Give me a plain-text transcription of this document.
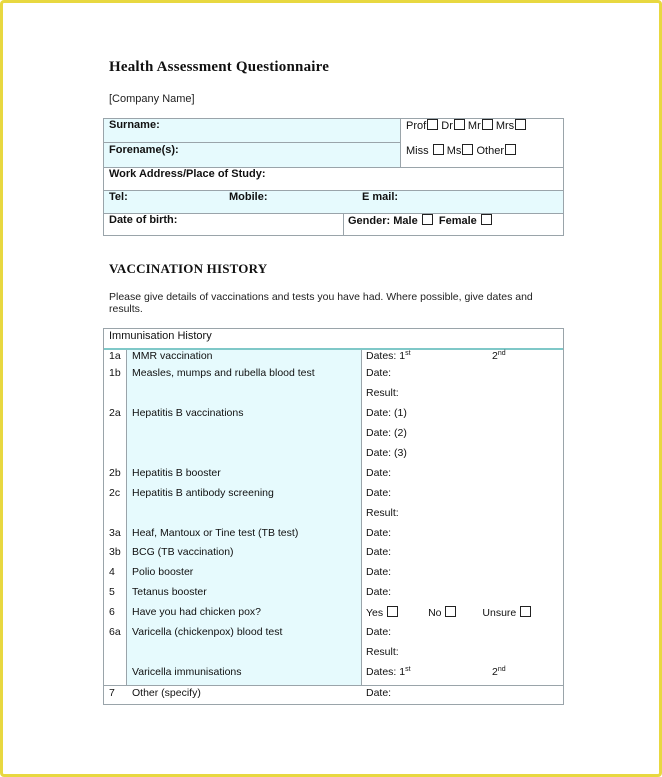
Health Assessment Questionnaire
[Company Name]
Surname:	Prof Dr Mr Mrs
Forename(s):	Miss Ms Other
Work Address/Place of Study:
Tel:	Mobile:	E mail:
Date of birth:	Gender: Male Female
VACCINATION HISTORY
Please give details of vaccinations and tests you have had. Where possible, give dates and results.
Immunisation History
1a MMR vaccination	Dates: 1st	2nd
1b Measles, mumps and rubella blood test	Date:
Result:
2a Hepatitis B vaccinations	Date: (1)
Date: (2)
Date: (3)
2b Hepatitis B booster	Date:
2c Hepatitis B antibody screening	Date:
Result:
3a Heaf, Mantoux or Tine test (TB test)	Date:
3b BCG (TB vaccination)	Date:
4 Polio booster	Date:
5 Tetanus booster	Date:
6 Have you had chicken pox?	Yes	No	Unsure
6a Varicella (chickenpox) blood test	Date:
Result:
Varicella immunisations	Dates: 1st	2nd
7 Other (specify)	Date:
